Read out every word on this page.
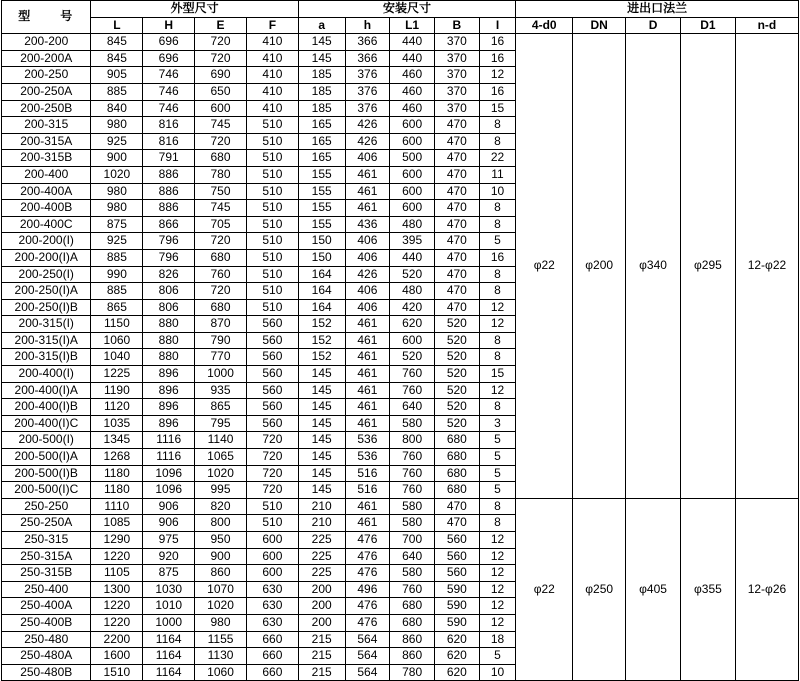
型　　号	外型尺寸				安装尺寸					进出口法兰				
	L	H	E	F	a	h	L1	B	I	4-d0	DN	D	D1	n-d
200-200	845	696	720	410	145	366	440	370	16	φ22	φ200	φ340	φ295	12-φ22
200-200A	845	696	720	410	145	366	440	370	16					
200-250	905	746	690	410	185	376	460	370	12					
200-250A	885	746	650	410	185	376	460	370	16					
200-250B	840	746	600	410	185	376	460	370	15					
200-315	980	816	745	510	165	426	600	470	8					
200-315A	925	816	720	510	165	426	600	470	8					
200-315B	900	791	680	510	165	406	500	470	22					
200-400	1020	886	780	510	155	461	600	470	11					
200-400A	980	886	750	510	155	461	600	470	10					
200-400B	980	886	745	510	155	461	600	470	8					
200-400C	875	866	705	510	155	436	480	470	8					
200-200(I)	925	796	720	510	150	406	395	470	5					
200-200(I)A	885	796	680	510	150	406	440	470	16					
200-250(I)	990	826	760	510	164	426	520	470	8					
200-250(I)A	885	806	720	510	164	406	480	470	8					
200-250(I)B	865	806	680	510	164	406	420	470	12					
200-315(I)	1150	880	870	560	152	461	620	520	12					
200-315(I)A	1060	880	790	560	152	461	600	520	8					
200-315(I)B	1040	880	770	560	152	461	520	520	8					
200-400(I)	1225	896	1000	560	145	461	760	520	15					
200-400(I)A	1190	896	935	560	145	461	760	520	12					
200-400(I)B	1120	896	865	560	145	461	640	520	8					
200-400(I)C	1035	896	795	560	145	461	580	520	3					
200-500(I)	1345	1116	1140	720	145	536	800	680	5					
200-500(I)A	1268	1116	1065	720	145	536	760	680	5					
200-500(I)B	1180	1096	1020	720	145	516	760	680	5					
200-500(I)C	1180	1096	995	720	145	516	760	680	5					
250-250	1110	906	820	510	210	461	580	470	8	φ22	φ250	φ405	φ355	12-φ26
250-250A	1085	906	800	510	210	461	580	470	8					
250-315	1290	975	950	600	225	476	700	560	12					
250-315A	1220	920	900	600	225	476	640	560	12					
250-315B	1105	875	860	600	225	476	580	560	12					
250-400	1300	1030	1070	630	200	496	760	590	12					
250-400A	1220	1010	1020	630	200	476	680	590	12					
250-400B	1220	1000	980	630	200	476	680	590	12					
250-480	2200	1164	1155	660	215	564	860	620	18					
250-480A	1600	1164	1130	660	215	564	860	620	5					
250-480B	1510	1164	1060	660	215	564	780	620	10					
